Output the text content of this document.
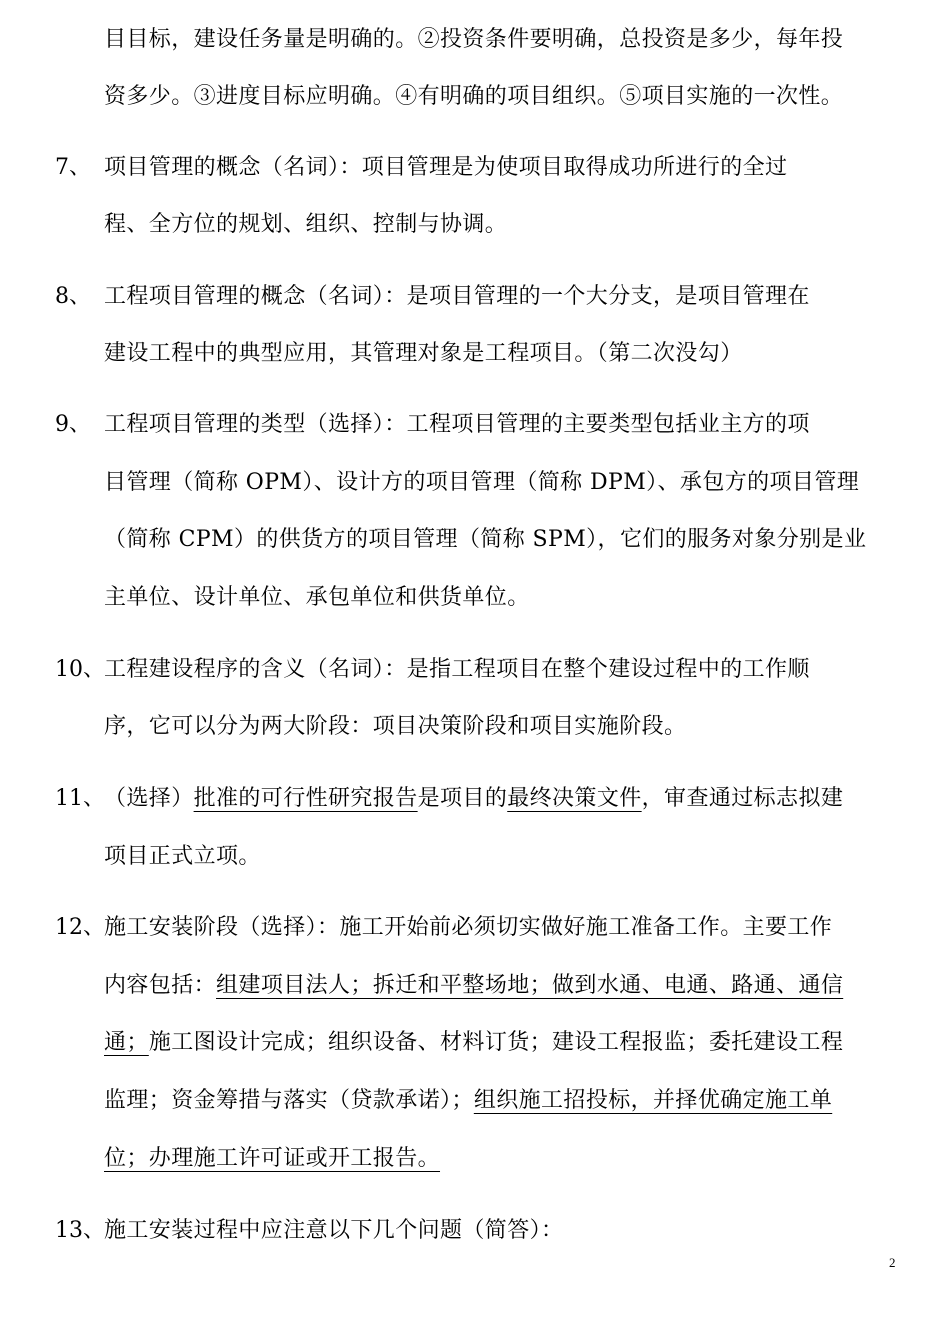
目目标，建设任务量是明确的。②投资条件要明确，总投资是多少，每年投
资多少。③进度目标应明确。④有明确的项目组织。⑤项目实施的一次性。
7、 项目管理的概念（名词）：项目管理是为使项目取得成功所进行的全过
程、全方位的规划、组织、控制与协调。
8、 工程项目管理的概念（名词）：是项目管理的一个大分支，是项目管理在
建设工程中的典型应用，其管理对象是工程项目。（第二次没勾）
9、 工程项目管理的类型（选择）：工程项目管理的主要类型包括业主方的项
目管理（简称 OPM）、设计方的项目管理（简称 DPM）、承包方的项目管理
（简称 CPM）的供货方的项目管理（简称 SPM），它们的服务对象分别是业
主单位、设计单位、承包单位和供货单位。
10、 工程建设程序的含义（名词）：是指工程项目在整个建设过程中的工作顺
序，它可以分为两大阶段：项目决策阶段和项目实施阶段。
11、 （选择）批准的可行性研究报告是项目的最终决策文件，审查通过标志拟建
项目正式立项。
12、 施工安装阶段（选择）：施工开始前必须切实做好施工准备工作。主要工作
内容包括：组建项目法人；拆迁和平整场地；做到水通、电通、路通、通信
通；施工图设计完成；组织设备、材料订货；建设工程报监；委托建设工程
监理；资金筹措与落实（贷款承诺）；组织施工招投标，并择优确定施工单
位；办理施工许可证或开工报告。
13、 施工安装过程中应注意以下几个问题（简答）：
2
